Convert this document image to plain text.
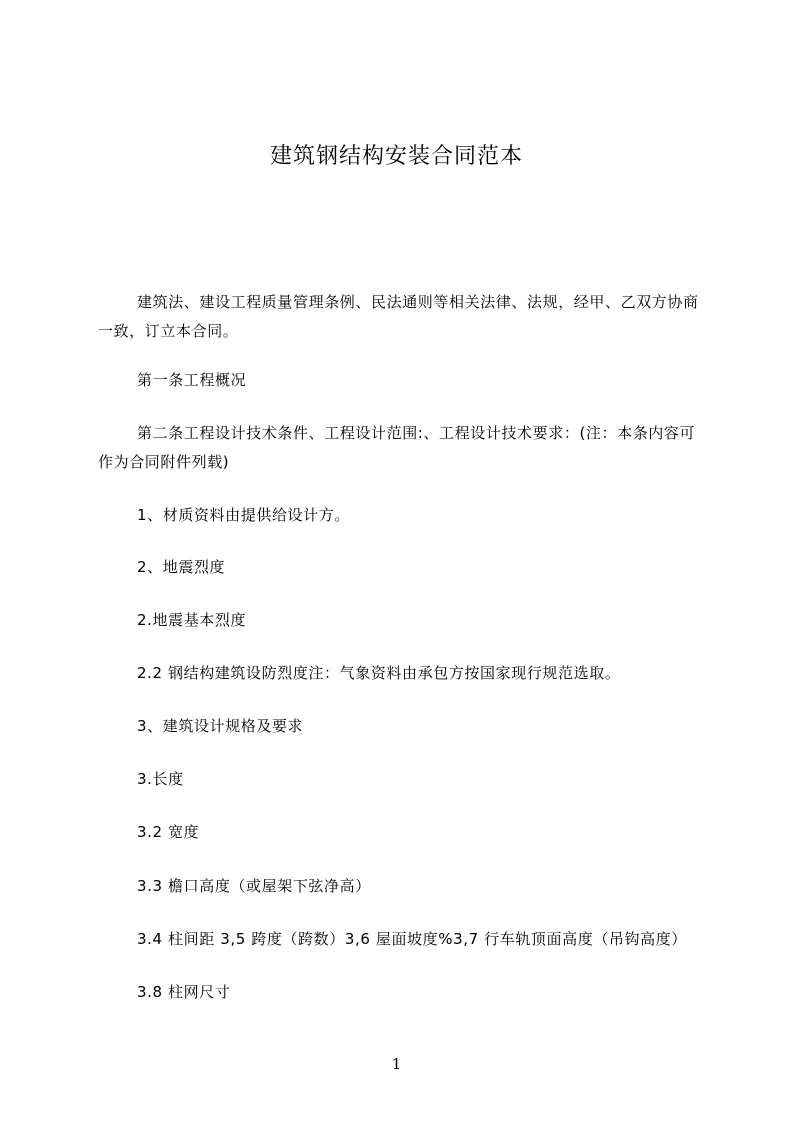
建筑钢结构安装合同范本
建筑法、建设工程质量管理条例、民法通则等相关法律、法规，经甲、乙双方协商一致，订立本合同。
第一条工程概况
第二条工程设计技术条件、工程设计范围:、工程设计技术要求：(注：本条内容可作为合同附件列载)
1、材质资料由提供给设计方。
2、地震烈度
2.地震基本烈度
2.2 钢结构建筑设防烈度注：气象资料由承包方按国家现行规范选取。
3、建筑设计规格及要求
3.长度
3.2 宽度
3.3 檐口高度（或屋架下弦净高）
3.4 柱间距 3,5 跨度（跨数）3,6 屋面坡度%3,7 行车轨顶面高度（吊钩高度）
3.8 柱网尺寸
1
